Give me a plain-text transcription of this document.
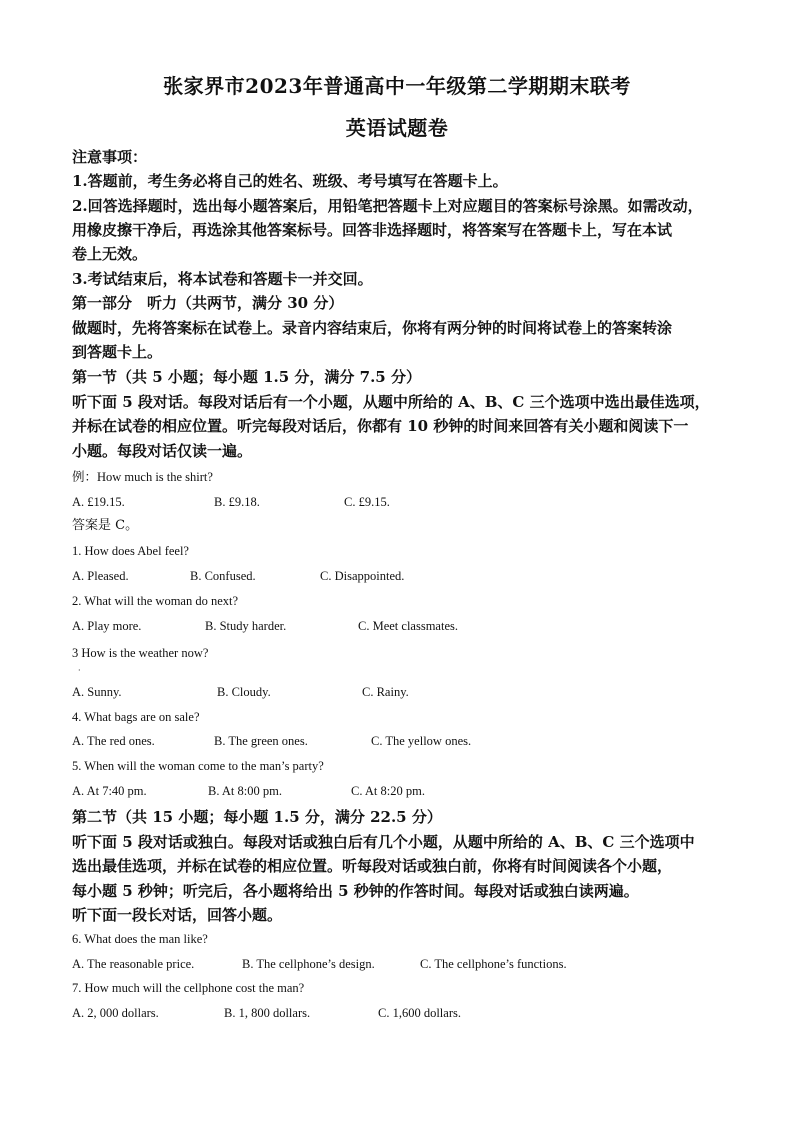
张家界市2023年普通高中一年级第二学期期末联考
英语试题卷
注意事项：
1.答题前，考生务必将自己的姓名、班级、考号填写在答题卡上。
2.回答选择题时，选出每小题答案后，用铅笔把答题卡上对应题目的答案标号涂黑。如需改动，
用橡皮擦干净后，再选涂其他答案标号。回答非选择题时，将答案写在答题卡上，写在本试
卷上无效。
3.考试结束后，将本试卷和答题卡一并交回。
第一部分　听力（共两节，满分 30 分）
做题时，先将答案标在试卷上。录音内容结束后，你将有两分钟的时间将试卷上的答案转涂
到答题卡上。
第一节（共 5 小题；每小题 1.5 分，满分 7.5 分）
听下面 5 段对话。每段对话后有一个小题，从题中所给的 A、B、C 三个选项中选出最佳选项，
并标在试卷的相应位置。听完每段对话后，你都有 10 秒钟的时间来回答有关小题和阅读下一
小题。每段对话仅读一遍。
例：How much is the shirt?
A. £19.15.	B. £9.18.	C. £9.15.
答案是 C。
1. How does Abel feel?
A. Pleased.	B. Confused.	C. Disappointed.
2. What will the woman do next?
A. Play more.	B. Study harder.	C. Meet classmates.
3 How is the weather now?
·
A. Sunny.	B. Cloudy.	C. Rainy.
4. What bags are on sale?
A. The red ones.	B. The green ones.	C. The yellow ones.
5. When will the woman come to the man’s party?
A. At 7:40 pm.	B. At 8:00 pm.	C. At 8:20 pm.
第二节（共 15 小题；每小题 1.5 分，满分 22.5 分）
听下面 5 段对话或独白。每段对话或独白后有几个小题，从题中所给的 A、B、C 三个选项中
选出最佳选项，并标在试卷的相应位置。听每段对话或独白前，你将有时间阅读各个小题，
每小题 5 秒钟；听完后，各小题将给出 5 秒钟的作答时间。每段对话或独白读两遍。
听下面一段长对话，回答小题。
6. What does the man like?
A. The reasonable price.	B. The cellphone’s design.	C. The cellphone’s functions.
7. How much will the cellphone cost the man?
A. 2, 000 dollars.	B. 1, 800 dollars.	C. 1,600 dollars.
